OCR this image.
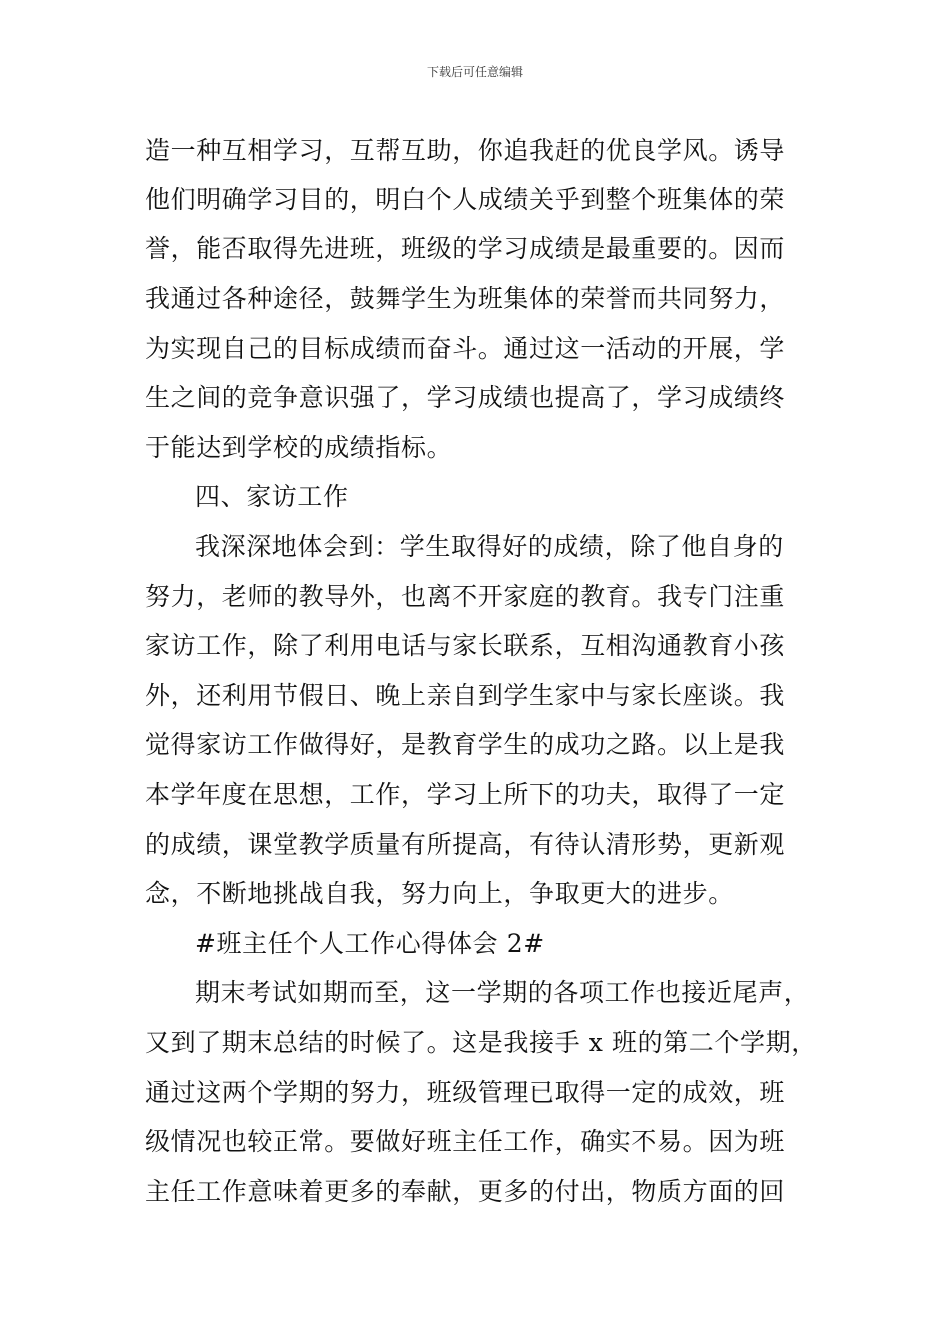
下载后可任意编辑
造一种互相学习，互帮互助，你追我赶的优良学风。诱导
他们明确学习目的，明白个人成绩关乎到整个班集体的荣
誉，能否取得先进班，班级的学习成绩是最重要的。因而
我通过各种途径，鼓舞学生为班集体的荣誉而共同努力，
为实现自己的目标成绩而奋斗。通过这一活动的开展，学
生之间的竞争意识强了，学习成绩也提高了，学习成绩终
于能达到学校的成绩指标。
四、家访工作
我深深地体会到：学生取得好的成绩，除了他自身的
努力，老师的教导外，也离不开家庭的教育。我专门注重
家访工作，除了利用电话与家长联系，互相沟通教育小孩
外，还利用节假日、晚上亲自到学生家中与家长座谈。我
觉得家访工作做得好，是教育学生的成功之路。以上是我
本学年度在思想，工作，学习上所下的功夫，取得了一定
的成绩，课堂教学质量有所提高，有待认清形势，更新观
念，不断地挑战自我，努力向上，争取更大的进步。
#班主任个人工作心得体会 2#
期末考试如期而至，这一学期的各项工作也接近尾声，
又到了期末总结的时候了。这是我接手 x 班的第二个学期，
通过这两个学期的努力，班级管理已取得一定的成效，班
级情况也较正常。要做好班主任工作，确实不易。因为班
主任工作意味着更多的奉献，更多的付出，物质方面的回
